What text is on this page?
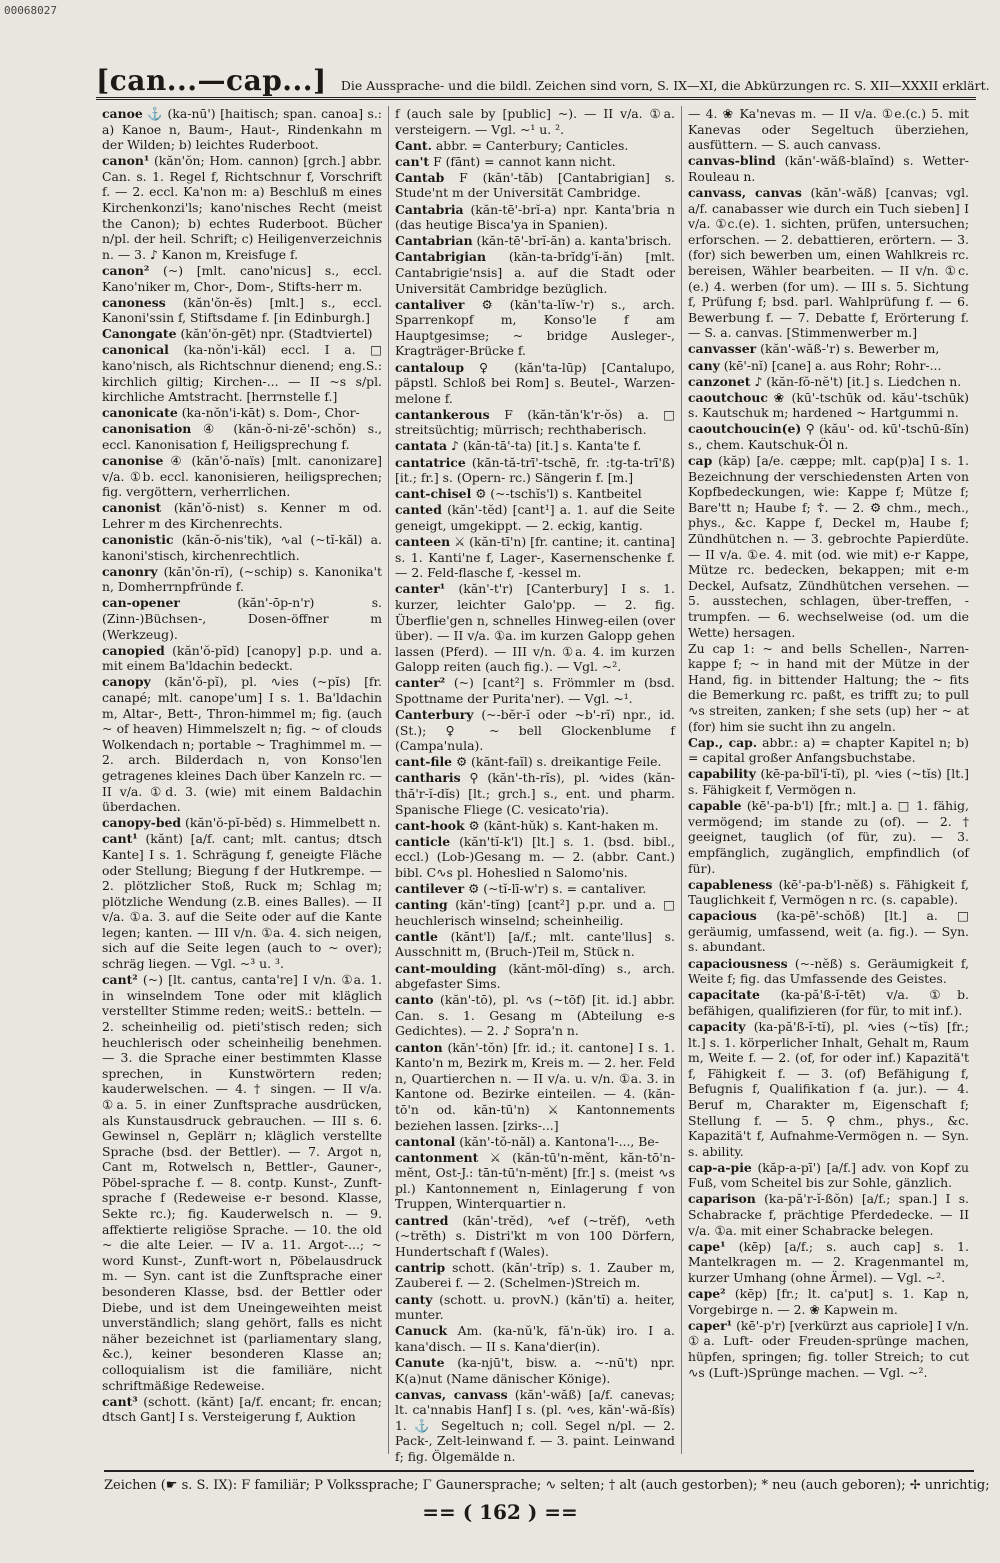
00068027
[can...—cap...] Die Aussprache- und die bildl. Zeichen sind vorn, S. IX—XI, die Abkürzungen rc. S. XII—XXXII erklärt.

canoe ⚓ (ka-nū') [haitisch; span. canoa] s.: a) Kanoe n, Baum-, Haut-, Rindenkahn m der Wilden; b) leichtes Ruderboot.

canon¹ (kăn'ŏn; Hom. cannon) [grch.] abbr. Can. s. 1. Regel f, Richtschnur f, Vorschrift f. — 2. eccl. Ka'non m: a) Beschluß m eines Kirchenkonzi'ls; kano'nisches Recht (meist the Canon); b) echtes Ruderboot. Bücher n/pl. der heil. Schrift; c) Heiligenverzeichnis n. — 3. ♪ Kanon m, Kreisfuge f.

canon² (~) [mlt. cano'nicus] s., eccl. Kano'niker m, Chor-, Dom-, Stifts-herr m.

canoness (kăn'ŏn-ĕs) [mlt.] s., eccl. Kanoni'ssin f, Stiftsdame f. [in Edinburgh.]

Canongate (kăn'ŏn-gēt) npr. (Stadtviertel)

canonical (ka-nŏn'i-kăl) eccl. I a. □ kano'nisch, als Richtschnur dienend; eng.S.: kirchlich giltig; Kirchen-... — II ~s s/pl. kirchliche Amtstracht. [herrnstelle f.]

canonicate (ka-nŏn'i-kāt) s. Dom-, Chor-

canonisation ④ (kăn-ŏ-ni-zē'-schŏn) s., eccl. Kanonisation f, Heiligsprechung f.

canonise ④ (kăn'ŏ-naïs) [mlt. canonizare] v/a. ①b. eccl. kanonisieren, heiligsprechen; fig. vergöttern, verherrlichen.

canonist (kăn'ŏ-nist) s. Kenner m od. Lehrer m des Kirchenrechts.

canonistic (kăn-ŏ-nis'tik), ∿al (~tĭ-kăl) a. kanoni'stisch, kirchenrechtlich.

canonry (kăn'ŏn-rĭ), (~schip) s. Kanonika't n, Domherrnpfründe f.

can-opener	(kăn'-ōp-n'r) s. (Zinn-)Büchsen-, Dosen-öffner m (Werkzeug).

canopied (kăn'ŏ-pĭd) [canopy] p.p. und a. mit einem Ba'ldachin bedeckt.

canopy (kăn'ŏ-pĭ), pl. ∿ies (~pĭs) [fr. canapé; mlt. canope'um] I s. 1. Ba'ldachin m, Altar-, Bett-, Thron-himmel m; fig. (auch ~ of heaven) Himmelszelt n; fig. ~ of clouds Wolkendach n; portable ~ Traghimmel m. — 2. arch. Bilderdach n, von Konso'len getragenes kleines Dach über Kanzeln rc. — II v/a. ①d. 3. (wie) mit einem Baldachin überdachen.

canopy-bed (kăn'ŏ-pĭ-bĕd) s. Himmelbett n.

cant¹ (kănt) [a/f. cant; mlt. cantus; dtsch Kante] I s. 1. Schrägung f, geneigte Fläche oder Stellung; Biegung f der Hutkrempe. — 2. plötzlicher Stoß, Ruck m; Schlag m; plötzliche Wendung (z.B. eines Balles). — II v/a. ①a. 3. auf die Seite oder auf die Kante legen; kanten. — III v/n. ①a. 4. sich neigen, sich auf die Seite legen (auch to ~ over); schräg liegen. — Vgl. ~³ u. ³.

cant² (~) [lt. cantus, canta're] I v/n. ①a. 1. in winselndem Tone oder mit kläglich verstellter Stimme reden; weitS.: betteln. — 2. scheinheilig od. pieti'stisch reden; sich heuchlerisch oder scheinheilig benehmen. — 3. die Sprache einer bestimmten Klasse sprechen, in Kunstwörtern reden; kauderwelschen. — 4. † singen. — II v/a. ①a. 5. in einer Zunftsprache ausdrücken, als Kunstausdruck gebrauchen. — III s. 6. Gewinsel n, Geplärr n; kläglich verstellte Sprache (bsd. der Bettler). — 7. Argot n, Cant m, Rotwelsch n, Bettler-, Gauner-, Pöbel-sprache f. — 8. contp. Kunst-, Zunft-sprache f (Redeweise e-r besond. Klasse, Sekte rc.); fig. Kauderwelsch n. — 9. affektierte religiöse Sprache. — 10. the old ~ die alte Leier. — IV a. 11. Argot-...; ~ word Kunst-, Zunft-wort n, Pöbelausdruck m. — Syn. cant ist die Zunftsprache einer besonderen Klasse, bsd. der Bettler oder Diebe, und ist dem Uneingeweihten meist unverständlich; slang gehört, falls es nicht näher bezeichnet ist (parliamentary slang, &c.), keiner besonderen Klasse an; colloquialism ist die familiäre, nicht schriftmäßige Redeweise.

cant³ (schott. (kănt) [a/f. encant; fr. encan; dtsch Gant] I s. Versteigerung f, Auktion

f (auch sale by [public] ~). — II v/a. ①a. versteigern. — Vgl. ~¹ u. ².

Cant. abbr. = Canterbury; Canticles.

can't F (fānt) = cannot kann nicht.

Cantab F (kăn'-tăb) [Cantabrigian] s. Stude'nt m der Universität Cambridge.

Cantabria (kăn-tē'-brĭ-a) npr. Kanta'bria n (das heutige Bisca'ya in Spanien).

Cantabrian (kăn-tē'-brĭ-ăn) a. kanta'brisch.

Cantabrigian (kăn-ta-brĭdg'ĭ-ăn) [mlt. Cantabrigie'nsis] a. auf die Stadt oder Universität Cambridge bezüglich.

cantaliver ⚙ (kăn'ta-lĭw-'r) s., arch. Sparrenkopf m, Konso'le f am Hauptgesimse; ~ bridge Ausleger-, Kragträger-Brücke f.

cantaloup ♀ (kăn'ta-lūp) [Cantalupo, päpstl. Schloß bei Rom] s. Beutel-, Warzen-melone f.

cantankerous F (kăn-tăn'k'r-ŏs) a. □ streitsüchtig; mürrisch; rechthaberisch.

cantata ♪ (kăn-tā'-ta) [it.] s. Kanta'te f.

cantatrice (kăn-tă-trī'-tschē, fr. :tg-ta-trī'ß) [it.; fr.] s. (Opern- rc.) Sängerin f. [m.]

cant-chisel ⚙ (~-tschĭs'l) s. Kantbeitel

canted (kăn'-tĕd) [cant¹] a. 1. auf die Seite geneigt, umgekippt. — 2. eckig, kantig.

canteen ⚔ (kăn-tī'n) [fr. cantine; it. cantina] s. 1. Kanti'ne f, Lager-, Kasernenschenke f. — 2. Feld-flasche f, -kessel m.

canter¹ (kăn'-t'r) [Canterbury] I s. 1. kurzer, leichter Galo'pp. — 2. fig. Überflie'gen n, schnelles Hinweg-eilen (over über). — II v/a. ①a. im kurzen Galopp gehen lassen (Pferd). — III v/n. ①a. 4. im kurzen Galopp reiten (auch fig.). — Vgl. ~².

canter² (~) [cant²] s. Frömmler m (bsd. Spottname der Purita'ner). — Vgl. ~¹.

Canterbury (~-bĕr-ĭ oder ~b'-rĭ) npr., id. (St.); ♀ ~ bell Glockenblume f (Campa'nula).

cant-file ⚙ (kănt-faĭl) s. dreikantige Feile.

cantharis ⚲ (kăn'-th-rĭs), pl. ∿ides (kăn-thă'r-ĭ-dĭs) [lt.; grch.] s., ent. und pharm. Spanische Fliege (C. vesicato'ria).

cant-hook ⚙ (kănt-hŭk) s. Kant-haken m.

canticle (kăn'tĭ-k'l) [lt.] s. 1. (bsd. bibl., eccl.) (Lob-)Gesang m. — 2. (abbr. Cant.) bibl. C∿s pl. Hoheslied n Salomo'nis.

cantilever ⚙ (~tĭ-lī-w'r) s. = cantaliver.

canting (kăn'-tĭng) [cant²] p.pr. und a. □ heuchlerisch winselnd; scheinheilig.

cantle (kănt'l) [a/f.; mlt. cante'llus] s. Ausschnitt m, (Bruch-)Teil m, Stück n.

cant-moulding (kănt-mōl-dĭng) s., arch. abgefaster Sims.

canto (kăn'-tō), pl. ∿s (~tōf) [it. id.] abbr. Can. s. 1. Gesang m (Abteilung e-s Gedichtes). — 2. ♪ Sopra'n n.

canton (kăn'-tŏn) [fr. id.; it. cantone] I s. 1. Kanto'n m, Bezirk m, Kreis m. — 2. her. Feld n, Quartierchen n. — II v/a. u. v/n. ①a. 3. in Kantone od. Bezirke einteilen. — 4. (kăn-tō'n od. kăn-tū'n) ⚔ Kantonnements beziehen lassen. [zirks-...]

cantonal (kăn'-tŏ-năl) a. Kantona'l-..., Be-

cantonment ⚔ (kăn-tū'n-mĕnt, kăn-tō'n-mĕnt, Ost-J.: tān-tū'n-mĕnt) [fr.] s. (meist ∿s pl.) Kantonnement n, Einlagerung f von Truppen, Winterquartier n.

cantred (kăn'-trĕd), ∿ef (~trĕf), ∿eth (~trĕth) s. Distri'kt m von 100 Dörfern, Hundertschaft f (Wales).

cantrip schott. (kăn'-trĭp) s. 1. Zauber m, Zauberei f. — 2. (Schelmen-)Streich m.

canty (schott. u. provN.) (kăn'tĭ) a. heiter, munter.

Canuck Am. (ka-nŭ'k, fă'n-ŭk) iro. I a. kana'disch. — II s. Kana'dier(in).

Canute (ka-njū't, bisw. a. ~-nū't) npr. K(a)nut (Name dänischer Könige).

canvas, canvass (kăn'-wăß) [a/f. canevas; lt. ca'nnabis Hanf] I s. (pl. ∿es, kăn'-wă-ßĭs) 1. ⚓ Segeltuch n; coll. Segel n/pl. — 2. Pack-, Zelt-leinwand f. — 3. paint. Leinwand f; fig. Ölgemälde n.

— 4. ❀ Ka'nevas m. — II v/a. ①e.(c.) 5. mit Kanevas oder Segeltuch überziehen, ausfüttern. — S. auch canvass.

canvas-blind (kăn'-wăß-blaĭnd) s. Wetter-Rouleau n.

canvass, canvas (kăn'-wăß) [canvas; vgl. a/f. canabasser wie durch ein Tuch sieben] I v/a. ①c.(e). 1. sichten, prüfen, untersuchen; erforschen. — 2. debattieren, erörtern. — 3. (for) sich bewerben um, einen Wahlkreis rc. bereisen, Wähler bearbeiten. — II v/n. ①c.(e.) 4. werben (for um). — III s. 5. Sichtung f, Prüfung f; bsd. parl. Wahlprüfung f. — 6. Bewerbung f. — 7. Debatte f, Erörterung f. — S. a. canvas. [Stimmenwerber m.]

canvasser (kăn'-wăß-'r) s. Bewerber m,

cany (kē'-nĭ) [cane] a. aus Rohr; Rohr-...

canzonet ♪ (kăn-fŏ-nĕ't) [it.] s. Liedchen n.

caoutchouc ❀ (kū'-tschūk od. kău'-tschūk) s. Kautschuk m; hardened ~ Hartgummi n.

caoutchoucin(e) ⚲ (kău'- od. kū'-tschū-ßĭn) s., chem. Kautschuk-Öl n.

cap (kăp) [a/e. cæppe; mlt. cap(p)a] I s. 1. Bezeichnung der verschiedensten Arten von Kopfbedeckungen, wie: Kappe f; Mütze f; Bare'tt n; Haube f; ☦. — 2. ⚙ chm., mech., phys., &c. Kappe f, Deckel m, Haube f; Zündhütchen n. — 3. gebrochte Papierdüte. — II v/a. ①e. 4. mit (od. wie mit) e-r Kappe, Mütze rc. bedecken, bekappen; mit e-m Deckel, Aufsatz, Zündhütchen versehen. — 5. ausstechen, schlagen, über-treffen, -trumpfen. — 6. wechselweise (od. um die Wette) hersagen.

Zu cap 1: ~ and bells Schellen-, Narren-kappe f; ~ in hand mit der Mütze in der Hand, fig. in bittender Haltung; the ~ fits die Bemerkung rc. paßt, es trifft zu; to pull ∿s streiten, zanken; f she sets (up) her ~ at (for) him sie sucht ihn zu angeln.

Cap., cap. abbr.: a) = chapter Kapitel n; b) = capital großer Anfangsbuchstabe.

capability (kē-pa-bĭl'ĭ-tĭ), pl. ∿ies (~tĭs) [lt.] s. Fähigkeit f, Vermögen n.

capable (kē'-pa-b'l) [fr.; mlt.] a. □ 1. fähig, vermögend; im stande zu (of). — 2. † geeignet, tauglich (of für, zu). — 3. empfänglich, zugänglich, empfindlich (of für).

capableness (kē'-pa-b'l-nĕß) s. Fähigkeit f, Tauglichkeit f, Vermögen n rc. (s. capable).

capacious (ka-pē'-schŏß) [lt.] a. □ geräumig, umfassend, weit (a. fig.). — Syn. s. abundant.

capaciousness (~-nĕß) s. Geräumigkeit f, Weite f; fig. das Umfassende des Geistes.

capacitate (ka-pă'ß-ĭ-tēt) v/a. ①b. befähigen, qualifizieren (for für, to mit inf.).

capacity (ka-pă'ß-ĭ-tĭ), pl. ∿ies (~tĭs) [fr.; lt.] s. 1. körperlicher Inhalt, Gehalt m, Raum m, Weite f. — 2. (of, for oder inf.) Kapazitä't f, Fähigkeit f. — 3. (of) Befähigung f, Befugnis f, Qualifikation f (a. jur.). — 4. Beruf m, Charakter m, Eigenschaft f; Stellung f. — 5. ⚲ chm., phys., &c. Kapazitä't f, Aufnahme-Vermögen n. — Syn. s. ability.

cap-a-pie (kăp-a-pī') [a/f.] adv. von Kopf zu Fuß, vom Scheitel bis zur Sohle, gänzlich.

caparison (ka-pă'r-ĭ-ßŏn) [a/f.; span.] I s. Schabracke f, prächtige Pferdedecke. — II v/a. ①a. mit einer Schabracke belegen.

cape¹ (kēp) [a/f.; s. auch cap] s. 1. Mantelkragen m. — 2. Kragenmantel m, kurzer Umhang (ohne Ärmel). — Vgl. ~².

cape² (kēp) [fr.; lt. ca'put] s. 1. Kap n, Vorgebirge n. — 2. ❀ Kapwein m.

caper¹ (kē'-p'r) [verkürzt aus capriole] I v/n. ①a. Luft- oder Freuden-sprünge machen, hüpfen, springen; fig. toller Streich; to cut ∿s (Luft-)Sprünge machen. — Vgl. ~².

Zeichen (☛ s. S. IX): F familiär; P Volkssprache; Γ Gaunersprache; ∿ selten; † alt (auch gestorben); * neu (auch geboren); ✢ unrichtig;
== ( 162 ) ==
